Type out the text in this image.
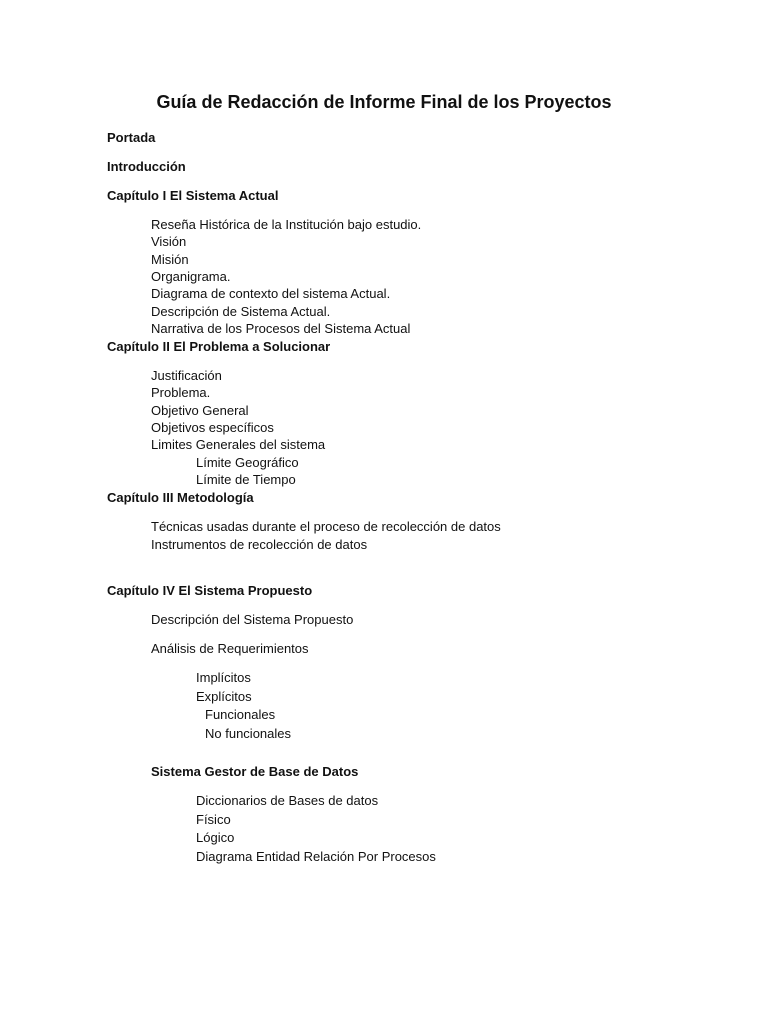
Guía de Redacción de Informe Final de los Proyectos

Portada

Introducción

Capítulo I El Sistema Actual

Reseña Histórica de la Institución bajo estudio.

Visión

Misión

Organigrama.

Diagrama de contexto del sistema Actual.

Descripción de Sistema Actual.

Narrativa de los Procesos del Sistema Actual

Capítulo II El Problema a Solucionar

Justificación

Problema.

Objetivo General

Objetivos específicos

Limites Generales del sistema

Límite Geográfico

Límite de Tiempo

Capítulo III Metodología

Técnicas usadas durante el proceso de recolección de datos

Instrumentos de recolección de datos

Capítulo IV El Sistema Propuesto

Descripción del Sistema Propuesto

Análisis de Requerimientos

Implícitos

Explícitos

Funcionales

No funcionales

Sistema Gestor de Base de Datos

Diccionarios de Bases de datos

Físico

Lógico

Diagrama Entidad Relación Por Procesos
